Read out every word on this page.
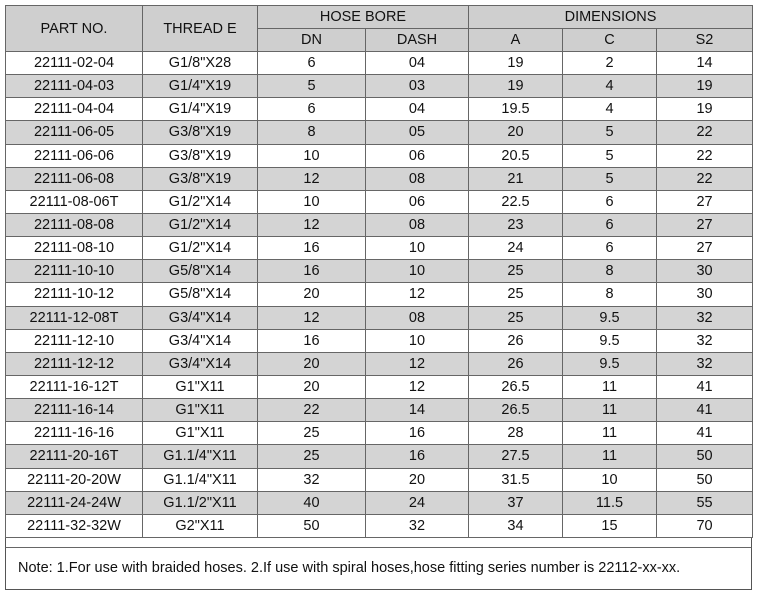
PART NO.	THREAD E	HOSE BORE		DIMENSIONS		
		DN	DASH	A	C	S2
22111-02-04	G1/8"X28	6	04	19	2	14
22111-04-03	G1/4"X19	5	03	19	4	19
22111-04-04	G1/4"X19	6	04	19.5	4	19
22111-06-05	G3/8"X19	8	05	20	5	22
22111-06-06	G3/8"X19	10	06	20.5	5	22
22111-06-08	G3/8"X19	12	08	21	5	22
22111-08-06T	G1/2"X14	10	06	22.5	6	27
22111-08-08	G1/2"X14	12	08	23	6	27
22111-08-10	G1/2"X14	16	10	24	6	27
22111-10-10	G5/8"X14	16	10	25	8	30
22111-10-12	G5/8"X14	20	12	25	8	30
22111-12-08T	G3/4"X14	12	08	25	9.5	32
22111-12-10	G3/4"X14	16	10	26	9.5	32
22111-12-12	G3/4"X14	20	12	26	9.5	32
22111-16-12T	G1"X11	20	12	26.5	11	41
22111-16-14	G1"X11	22	14	26.5	11	41
22111-16-16	G1"X11	25	16	28	11	41
22111-20-16T	G1.1/4"X11	25	16	27.5	11	50
22111-20-20W	G1.1/4"X11	32	20	31.5	10	50
22111-24-24W	G1.1/2"X11	40	24	37	11.5	55
22111-32-32W	G2"X11	50	32	34	15	70
Note: 1.For use with braided hoses. 2.If use with spiral hoses,hose fitting series number is 22112-xx-xx.
